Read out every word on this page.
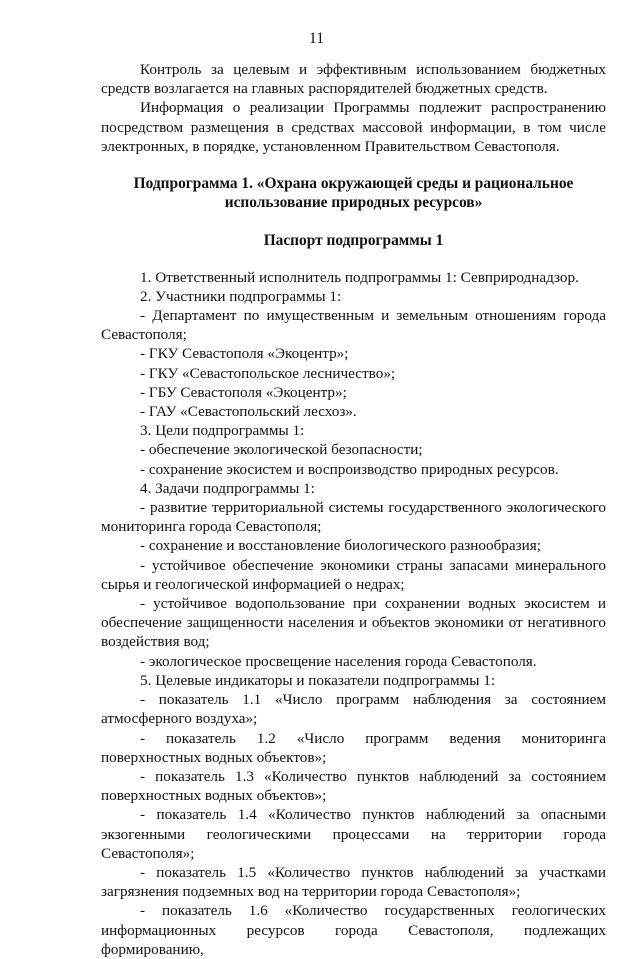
11

Контроль за целевым и эффективным использованием бюджетных средств возлагается на главных распорядителей бюджетных средств.

Информация о реализации Программы подлежит распространению посредством размещения в средствах массовой информации, в том числе электронных, в порядке, установленном Правительством Севастополя.

Подпрограмма 1. «Охрана окружающей среды и рациональное использование природных ресурсов»

Паспорт подпрограммы 1

1. Ответственный исполнитель подпрограммы 1: Севприроднадзор.

2. Участники подпрограммы 1:

- Департамент по имущественным и земельным отношениям города Севастополя;

- ГКУ Севастополя «Экоцентр»;

- ГКУ «Севастопольское лесничество»;

- ГБУ Севастополя «Экоцентр»;

- ГАУ «Севастопольский лесхоз».

3. Цели подпрограммы 1:

- обеспечение экологической безопасности;

- сохранение экосистем и воспроизводство природных ресурсов.

4. Задачи подпрограммы 1:

- развитие территориальной системы государственного экологического мониторинга города Севастополя;

- сохранение и восстановление биологического разнообразия;

- устойчивое обеспечение экономики страны запасами минерального сырья и геологической информацией о недрах;

- устойчивое водопользование при сохранении водных экосистем и обеспечение защищенности населения и объектов экономики от негативного воздействия вод;

- экологическое просвещение населения города Севастополя.

5. Целевые индикаторы и показатели подпрограммы 1:

- показатель 1.1 «Число программ наблюдения за состоянием атмосферного воздуха»;

- показатель 1.2 «Число программ ведения мониторинга поверхностных водных объектов»;

- показатель 1.3 «Количество пунктов наблюдений за состоянием поверхностных водных объектов»;

- показатель 1.4 «Количество пунктов наблюдений за опасными экзогенными геологическими процессами на территории города Севастополя»;

- показатель 1.5 «Количество пунктов наблюдений за участками загрязнения подземных вод на территории города Севастополя»;

- показатель 1.6 «Количество государственных геологических информационных ресурсов города Севастополя, подлежащих формированию,
